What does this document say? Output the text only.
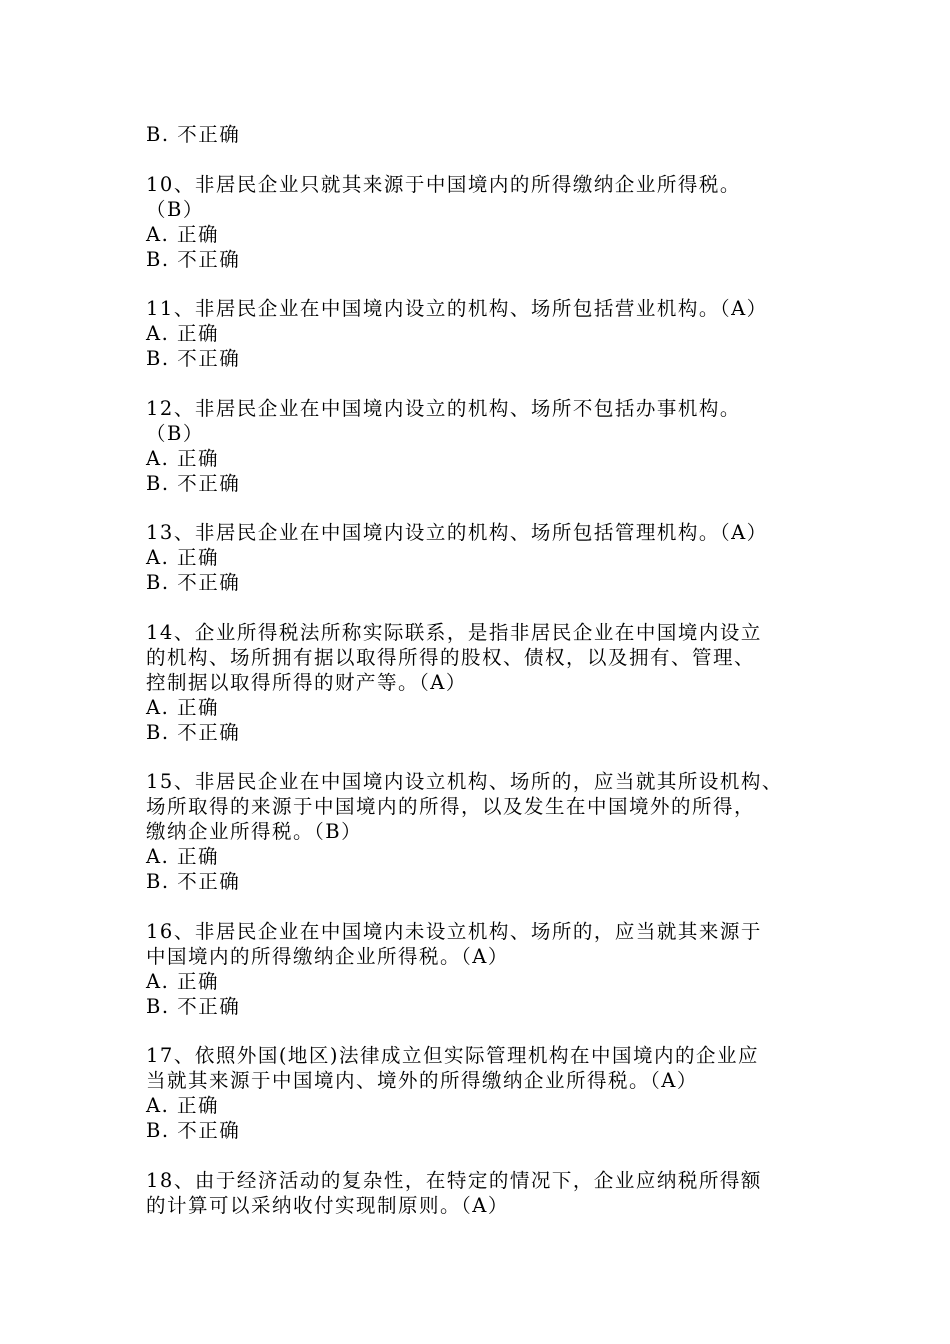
B. 不正确
10、非居民企业只就其来源于中国境内的所得缴纳企业所得税。
（B）
A. 正确
B. 不正确
11、非居民企业在中国境内设立的机构、场所包括营业机构。（A）
A. 正确
B. 不正确
12、非居民企业在中国境内设立的机构、场所不包括办事机构。
（B）
A. 正确
B. 不正确
13、非居民企业在中国境内设立的机构、场所包括管理机构。（A）
A. 正确
B. 不正确
14、企业所得税法所称实际联系，是指非居民企业在中国境内设立
的机构、场所拥有据以取得所得的股权、债权，以及拥有、管理、
控制据以取得所得的财产等。（A）
A. 正确
B. 不正确
15、非居民企业在中国境内设立机构、场所的，应当就其所设机构、
场所取得的来源于中国境内的所得，以及发生在中国境外的所得，
缴纳企业所得税。（B）
A. 正确
B. 不正确
16、非居民企业在中国境内未设立机构、场所的，应当就其来源于
中国境内的所得缴纳企业所得税。（A）
A. 正确
B. 不正确
17、依照外国(地区)法律成立但实际管理机构在中国境内的企业应
当就其来源于中国境内、境外的所得缴纳企业所得税。（A）
A. 正确
B. 不正确
18、由于经济活动的复杂性，在特定的情况下，企业应纳税所得额
的计算可以采纳收付实现制原则。（A）
